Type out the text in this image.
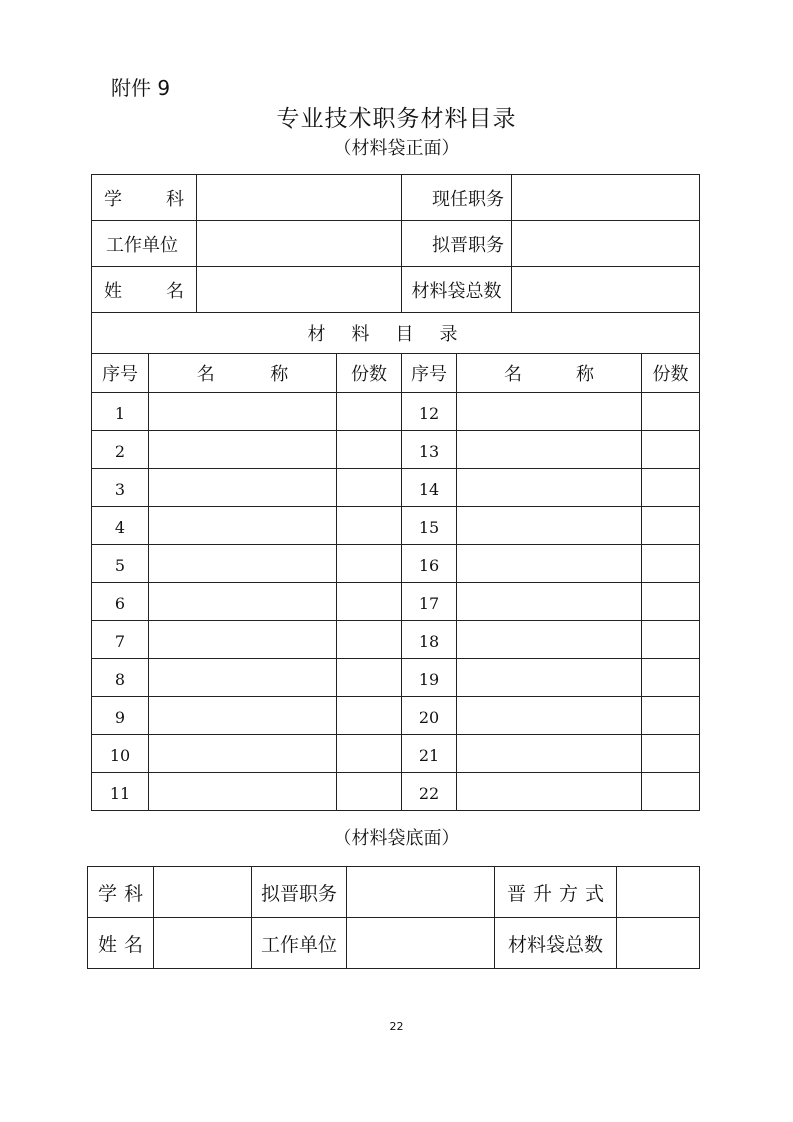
附件 9
专业技术职务材料目录
（材料袋正面）
学 科				现 任 职 务			

工作单位				拟 晋 职 务			

姓 名				材料袋总数			
材料目录							
序号	名 称		份数	序号	名 称		份数
1				12			
2				13			
3				14			
4				15			
5				16			
6				17			
7				18			
8				19			
9				20			
10				21			
11				22			
（材料袋底面）
学 科		拟晋职务		晋 升 方 式	

姓 名		工作单位		材料袋总数	
22
